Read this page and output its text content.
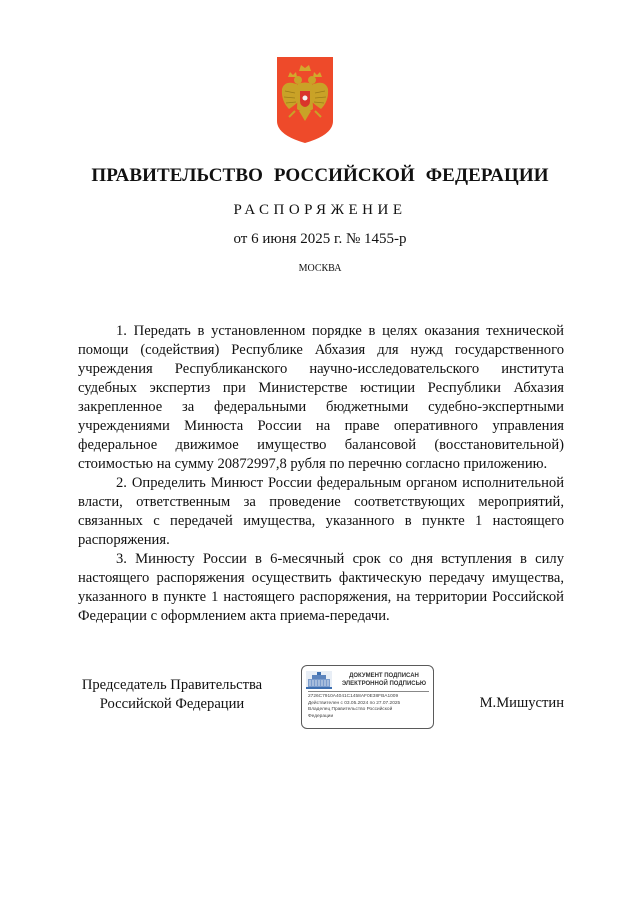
ПРАВИТЕЛЬСТВО РОССИЙСКОЙ ФЕДЕРАЦИИ
РАСПОРЯЖЕНИЕ
от 6 июня 2025 г. № 1455-р
МОСКВА

1. Передать в установленном порядке в целях оказания технической помощи (содействия) Республике Абхазия для нужд государственного учреждения Республиканского научно-исследовательского института судебных экспертиз при Министерстве юстиции Республики Абхазия закрепленное за федеральными бюджетными судебно-экспертными учреждениями Минюста России на праве оперативного управления федеральное движимое имущество балансовой (восстановительной) стоимостью на сумму 20872997,8 рубля по перечню согласно приложению.

2. Определить Минюст России федеральным органом исполнительной власти, ответственным за проведение соответствующих мероприятий, связанных с передачей имущества, указанного в пункте 1 настоящего распоряжения.

3. Минюсту России в 6-месячный срок со дня вступления в силу настоящего распоряжения осуществить фактическую передачу имущества, указанного в пункте 1 настоящего распоряжения, на территории Российской Федерации с оформлением акта приема-передачи.

Председатель Правительства
Российской Федерации
ДОКУМЕНТ ПОДПИСАН
ЭЛЕКТРОННОЙ ПОДПИСЬЮ
2726C7910A4041C1458AF0E38FBA1009
Действителен с 03.05.2024 по 27.07.2025
Владелец Правительство Российской
Федерации
М.Мишустин
